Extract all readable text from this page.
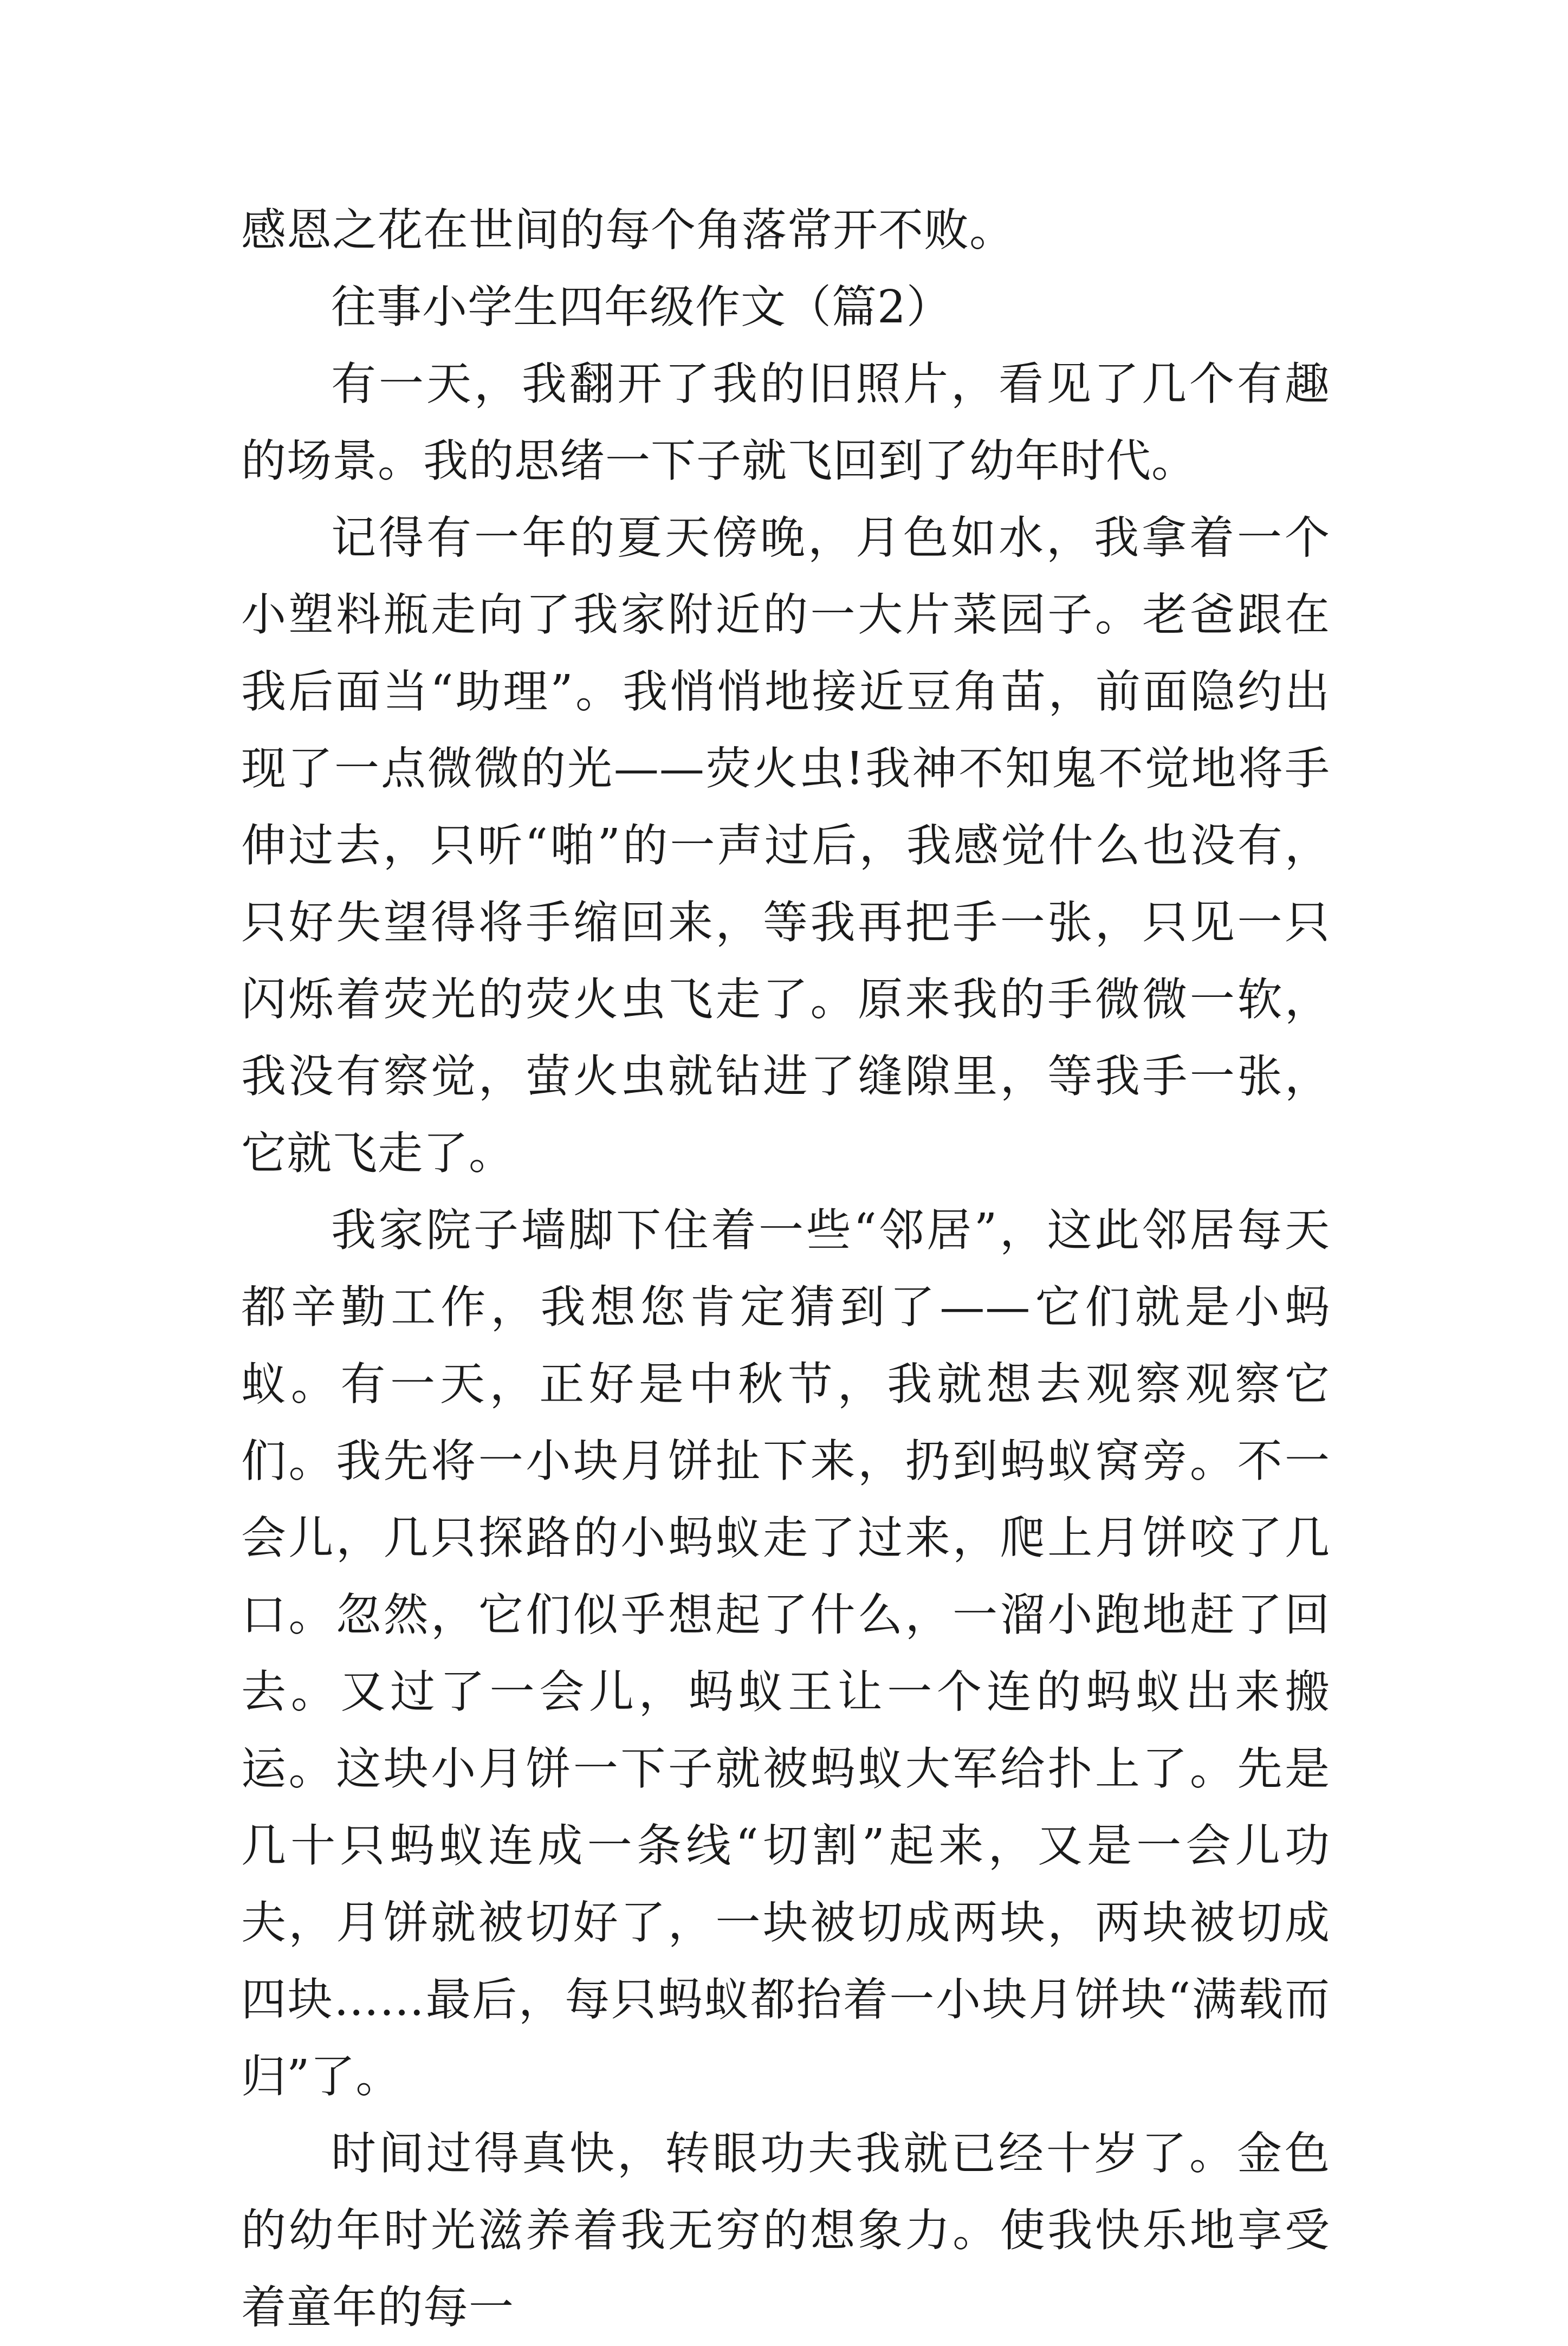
感恩之花在世间的每个角落常开不败。

往事小学生四年级作文（篇2）

有一天，我翻开了我的旧照片，看见了几个有趣的场景。我的思绪一下子就飞回到了幼年时代。

记得有一年的夏天傍晚，月色如水，我拿着一个小塑料瓶走向了我家附近的一大片菜园子。老爸跟在我后面当“助理”。我悄悄地接近豆角苗，前面隐约出现了一点微微的光——荧火虫!我神不知鬼不觉地将手伸过去，只听“啪”的一声过后，我感觉什么也没有，只好失望得将手缩回来，等我再把手一张，只见一只闪烁着荧光的荧火虫飞走了。原来我的手微微一软，我没有察觉，萤火虫就钻进了缝隙里，等我手一张，它就飞走了。

我家院子墙脚下住着一些“邻居”，这此邻居每天都辛勤工作，我想您肯定猜到了——它们就是小蚂蚁。有一天，正好是中秋节，我就想去观察观察它们。我先将一小块月饼扯下来，扔到蚂蚁窝旁。不一会儿，几只探路的小蚂蚁走了过来，爬上月饼咬了几口。忽然，它们似乎想起了什么，一溜小跑地赶了回去。又过了一会儿，蚂蚁王让一个连的蚂蚁出来搬运。这块小月饼一下子就被蚂蚁大军给扑上了。先是几十只蚂蚁连成一条线“切割”起来，又是一会儿功夫，月饼就被切好了，一块被切成两块，两块被切成四块……最后，每只蚂蚁都抬着一小块月饼块“满载而归”了。

时间过得真快，转眼功夫我就已经十岁了。金色的幼年时光滋养着我无穷的想象力。使我快乐地享受着童年的每一
